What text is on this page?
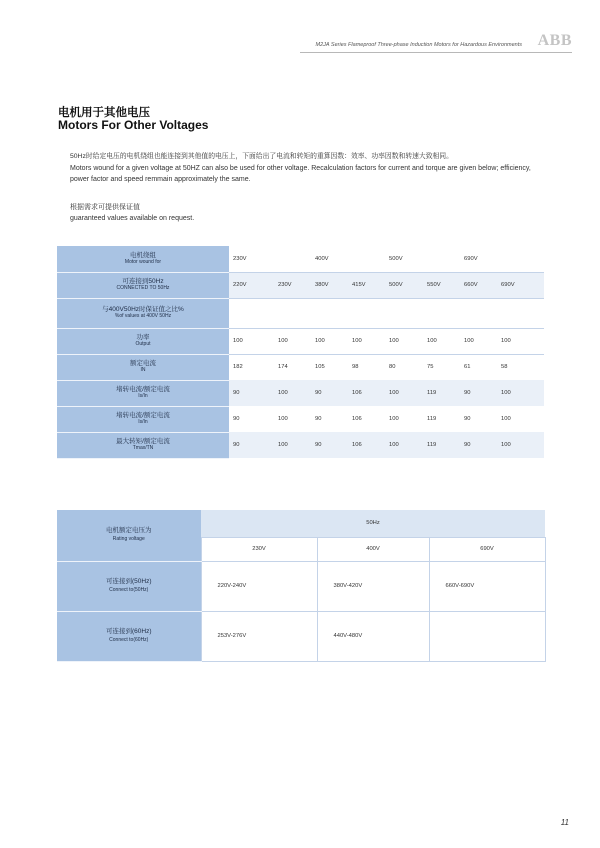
M2JA Series Flameproof Three-phase Induction Motors for Hazardous Environments ABB
电机用于其他电压
Motors For Other Voltages
50Hz时给定电压的电机绕组也能连接到其他值的电压上，下面给出了电流和转矩的重算因数：效率、功率因数和转速大致相同。
Motors wound for a given voltage at 50HZ can also be used for other voltage. Recalculation factors for current and torque are given below; efficiency, power factor and speed remmain approximately the same.
根据需求可提供保证值
guaranteed values available on request.
电机绕组
Motor wound for	230V		400V		500V		690V	

可连接到50Hz
CONNECTED TO 50Hz	220V	230V	380V	415V	500V	550V	660V	690V

与400V50Hz时保证值之比%
%of values at 400V 50Hz								

功率
Output	100	100	100	100	100	100	100	100

额定电流
IN	182	174	105	98	80	75	61	58

堵转电流/额定电流
Is/In	90	100	90	106	100	119	90	100

堵转电流/额定电流
Is/In	90	100	90	106	100	119	90	100

最大转矩/额定电流
Tmax/TN	90	100	90	106	100	119	90	100
电机额定电压为
Rating voltage	50Hz		
	230V	400V	690V

可连接到(50Hz)
Connect to(50Hz)	220V-240V	380V-420V	660V-690V

可连接到(60Hz)
Connect to(60Hz)	253V-276V	440V-480V	
11
